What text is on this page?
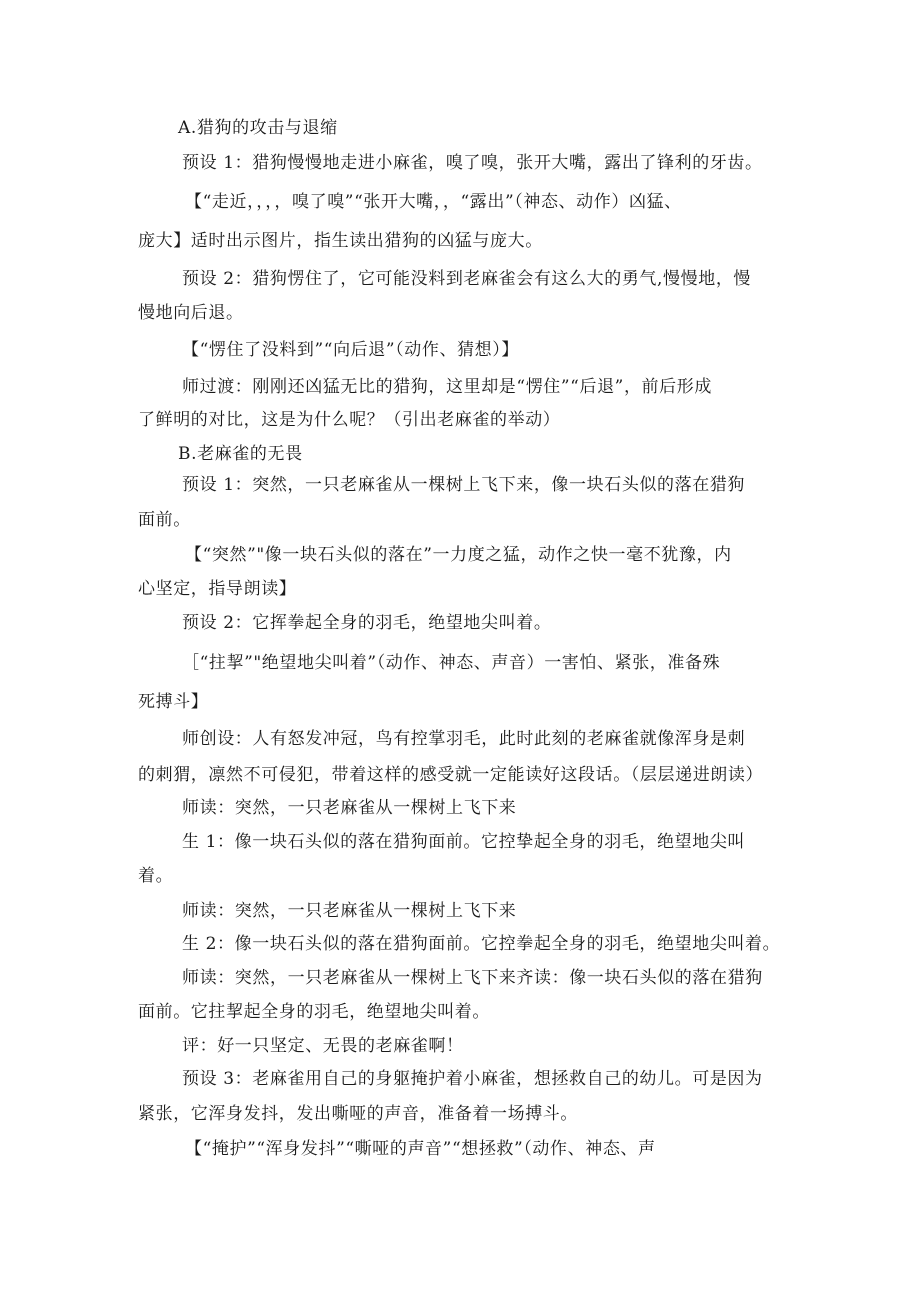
A.猎狗的攻击与退缩
预设 1：猎狗慢慢地走进小麻雀，嗅了嗅，张开大嘴，露出了锋利的牙齿。
【“走近，，，，嗅了嗅”“张开大嘴，，“露出”（神态、动作）凶猛、
庞大】适时出示图片，指生读出猎狗的凶猛与庞大。
预设 2：猎狗愣住了，它可能没料到老麻雀会有这么大的勇气,慢慢地，慢
慢地向后退。
【“愣住了没料到”“向后退”（动作、猜想）】
师过渡：刚刚还凶猛无比的猎狗，这里却是“愣住”“后退”，前后形成
了鲜明的对比，这是为什么呢？（引出老麻雀的举动）
B.老麻雀的无畏
预设 1：突然，一只老麻雀从一棵树上飞下来，像一块石头似的落在猎狗
面前。
【“突然”"像一块石头似的落在”一力度之猛，动作之快一毫不犹豫，内
心坚定，指导朗读】
预设 2：它挥拳起全身的羽毛，绝望地尖叫着。
［“拄挈”"绝望地尖叫着”（动作、神态、声音）一害怕、紧张，准备殊
死搏斗】
师创设：人有怒发冲冠，鸟有控掌羽毛，此时此刻的老麻雀就像浑身是刺
的刺猬，凛然不可侵犯，带着这样的感受就一定能读好这段话。（层层递进朗读）
师读：突然，一只老麻雀从一棵树上飞下来
生 1：像一块石头似的落在猎狗面前。它控挚起全身的羽毛，绝望地尖叫
着。
师读：突然，一只老麻雀从一棵树上飞下来
生 2：像一块石头似的落在猎狗面前。它控拳起全身的羽毛，绝望地尖叫着。
师读：突然，一只老麻雀从一棵树上飞下来齐读：像一块石头似的落在猎狗
面前。它拄挈起全身的羽毛，绝望地尖叫着。
评：好一只坚定、无畏的老麻雀啊！
预设 3：老麻雀用自己的身躯掩护着小麻雀，想拯救自己的幼儿。可是因为
紧张，它浑身发抖，发出嘶哑的声音，准备着一场搏斗。
【“掩护”“浑身发抖”“嘶哑的声音”“想拯救”（动作、神态、声
